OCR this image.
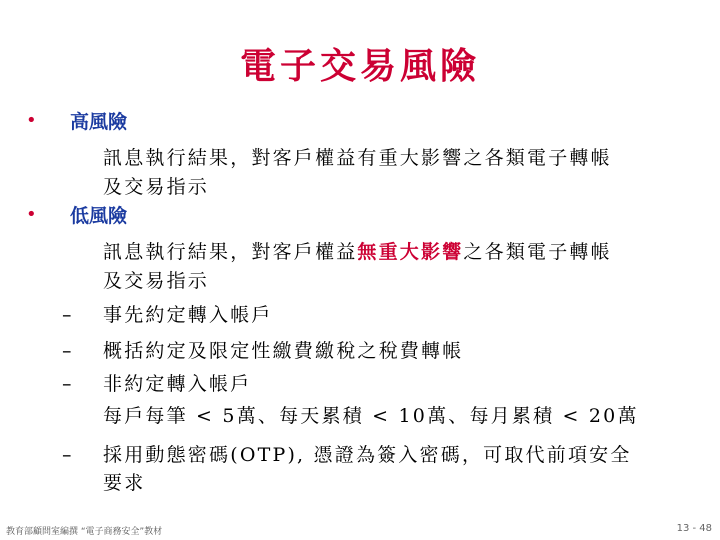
電子交易風險
• 高風險
訊息執行結果，對客戶權益有重大影響之各類電子轉帳
及交易指示
• 低風險
訊息執行結果，對客戶權益無重大影響之各類電子轉帳
及交易指示
– 事先約定轉入帳戶
– 概括約定及限定性繳費繳稅之稅費轉帳
– 非約定轉入帳戶
每戶每筆 < 5萬、每天累積 < 10萬、每月累積 < 20萬
– 採用動態密碼(OTP), 憑證為簽入密碼，可取代前項安全
要求
教育部顧問室編撰 “電子商務安全”教材	13 - 48
